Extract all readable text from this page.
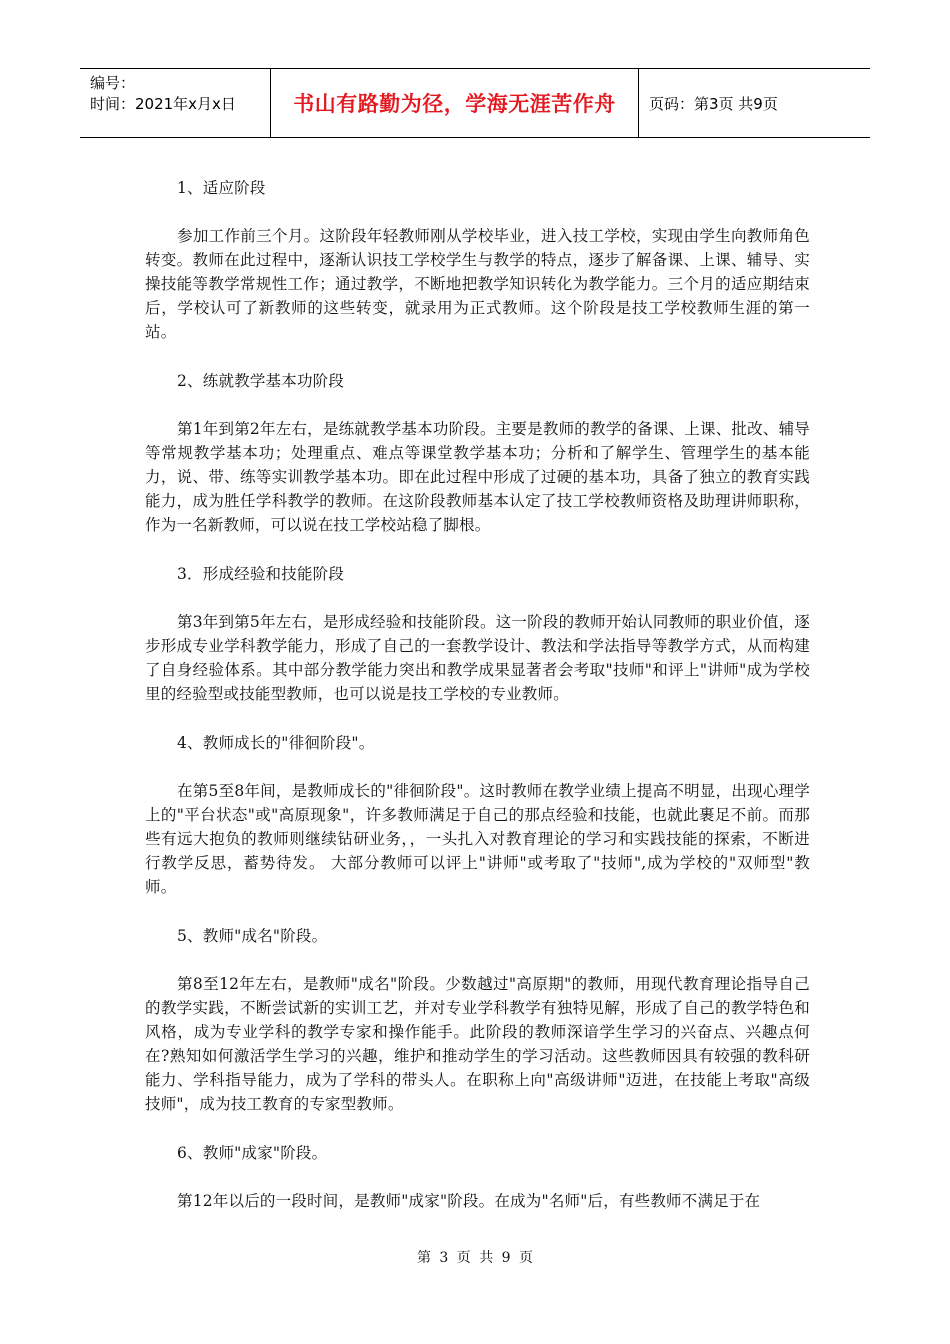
编号：
时间：2021年x月x日	书山有路勤为径，学海无涯苦作舟	页码：第3页 共9页

1、适应阶段

参加工作前三个月。这阶段年轻教师刚从学校毕业，进入技工学校，实现由学生向教师角色转变。教师在此过程中，逐渐认识技工学校学生与教学的特点，逐步了解备课、上课、辅导、实操技能等教学常规性工作；通过教学，不断地把教学知识转化为教学能力。三个月的适应期结束后，学校认可了新教师的这些转变，就录用为正式教师。这个阶段是技工学校教师生涯的第一站。

2、练就教学基本功阶段

第1年到第2年左右，是练就教学基本功阶段。主要是教师的教学的备课、上课、批改、辅导等常规教学基本功；处理重点、难点等课堂教学基本功；分析和了解学生、管理学生的基本能力，说、带、练等实训教学基本功。即在此过程中形成了过硬的基本功，具备了独立的教育实践能力，成为胜任学科教学的教师。在这阶段教师基本认定了技工学校教师资格及助理讲师职称，作为一名新教师，可以说在技工学校站稳了脚根。

3．形成经验和技能阶段

第3年到第5年左右，是形成经验和技能阶段。这一阶段的教师开始认同教师的职业价值，逐步形成专业学科教学能力，形成了自己的一套教学设计、教法和学法指导等教学方式，从而构建了自身经验体系。其中部分教学能力突出和教学成果显著者会考取"技师"和评上"讲师"成为学校里的经验型或技能型教师，也可以说是技工学校的专业教师。

4、教师成长的"徘徊阶段"。

在第5至8年间，是教师成长的"徘徊阶段"。这时教师在教学业绩上提高不明显，出现心理学上的"平台状态"或"高原现象"，许多教师满足于自己的那点经验和技能，也就此裹足不前。而那些有远大抱负的教师则继续钻研业务，，一头扎入对教育理论的学习和实践技能的探索，不断进行教学反思，蓄势待发。 大部分教师可以评上"讲师"或考取了"技师",成为学校的"双师型"教师。

5、教师"成名"阶段。

第8至12年左右，是教师"成名"阶段。少数越过"高原期"的教师，用现代教育理论指导自己的教学实践，不断尝试新的实训工艺，并对专业学科教学有独特见解，形成了自己的教学特色和风格，成为专业学科的教学专家和操作能手。此阶段的教师深谙学生学习的兴奋点、兴趣点何在?熟知如何激活学生学习的兴趣，维护和推动学生的学习活动。这些教师因具有较强的教科研能力、学科指导能力，成为了学科的带头人。在职称上向"高级讲师"迈进，在技能上考取"高级技师"，成为技工教育的专家型教师。

6、教师"成家"阶段。

第12年以后的一段时间，是教师"成家"阶段。在成为"名师"后，有些教师不满足于在

第 3 页 共 9 页
